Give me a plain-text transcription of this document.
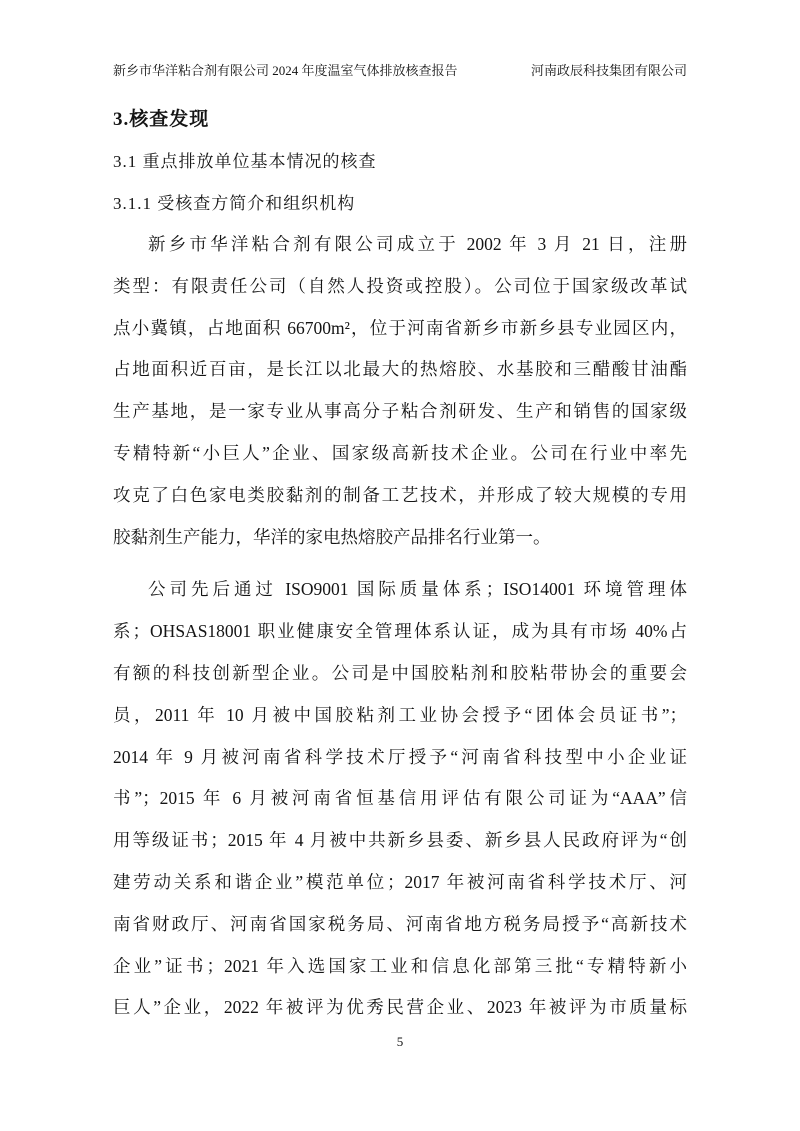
新乡市华洋粘合剂有限公司 2024 年度温室气体排放核查报告	河南政辰科技集团有限公司
3.核查发现
3.1 重点排放单位基本情况的核查
3.1.1 受核查方简介和组织机构
新乡市华洋粘合剂有限公司成立于 2002 年 3 月 21 日，注册
类型：有限责任公司（自然人投资或控股）。公司位于国家级改革试
点小冀镇，占地面积 66700m²，位于河南省新乡市新乡县专业园区内，
占地面积近百亩，是长江以北最大的热熔胶、水基胶和三醋酸甘油酯
生产基地，是一家专业从事高分子粘合剂研发、生产和销售的国家级
专精特新“小巨人”企业、国家级高新技术企业。公司在行业中率先
攻克了白色家电类胶黏剂的制备工艺技术，并形成了较大规模的专用
胶黏剂生产能力，华洋的家电热熔胶产品排名行业第一。
公司先后通过 ISO9001 国际质量体系；ISO14001 环境管理体
系；OHSAS18001 职业健康安全管理体系认证，成为具有市场 40%占
有额的科技创新型企业。公司是中国胶粘剂和胶粘带协会的重要会
员，2011 年 10 月被中国胶粘剂工业协会授予“团体会员证书”；
2014 年 9 月被河南省科学技术厅授予“河南省科技型中小企业证
书”；2015 年 6 月被河南省恒基信用评估有限公司证为“AAA”信
用等级证书；2015 年 4 月被中共新乡县委、新乡县人民政府评为“创
建劳动关系和谐企业”模范单位；2017 年被河南省科学技术厅、河
南省财政厅、河南省国家税务局、河南省地方税务局授予“高新技术
企业”证书；2021 年入选国家工业和信息化部第三批“专精特新小
巨人”企业，2022 年被评为优秀民营企业、2023 年被评为市质量标
5
